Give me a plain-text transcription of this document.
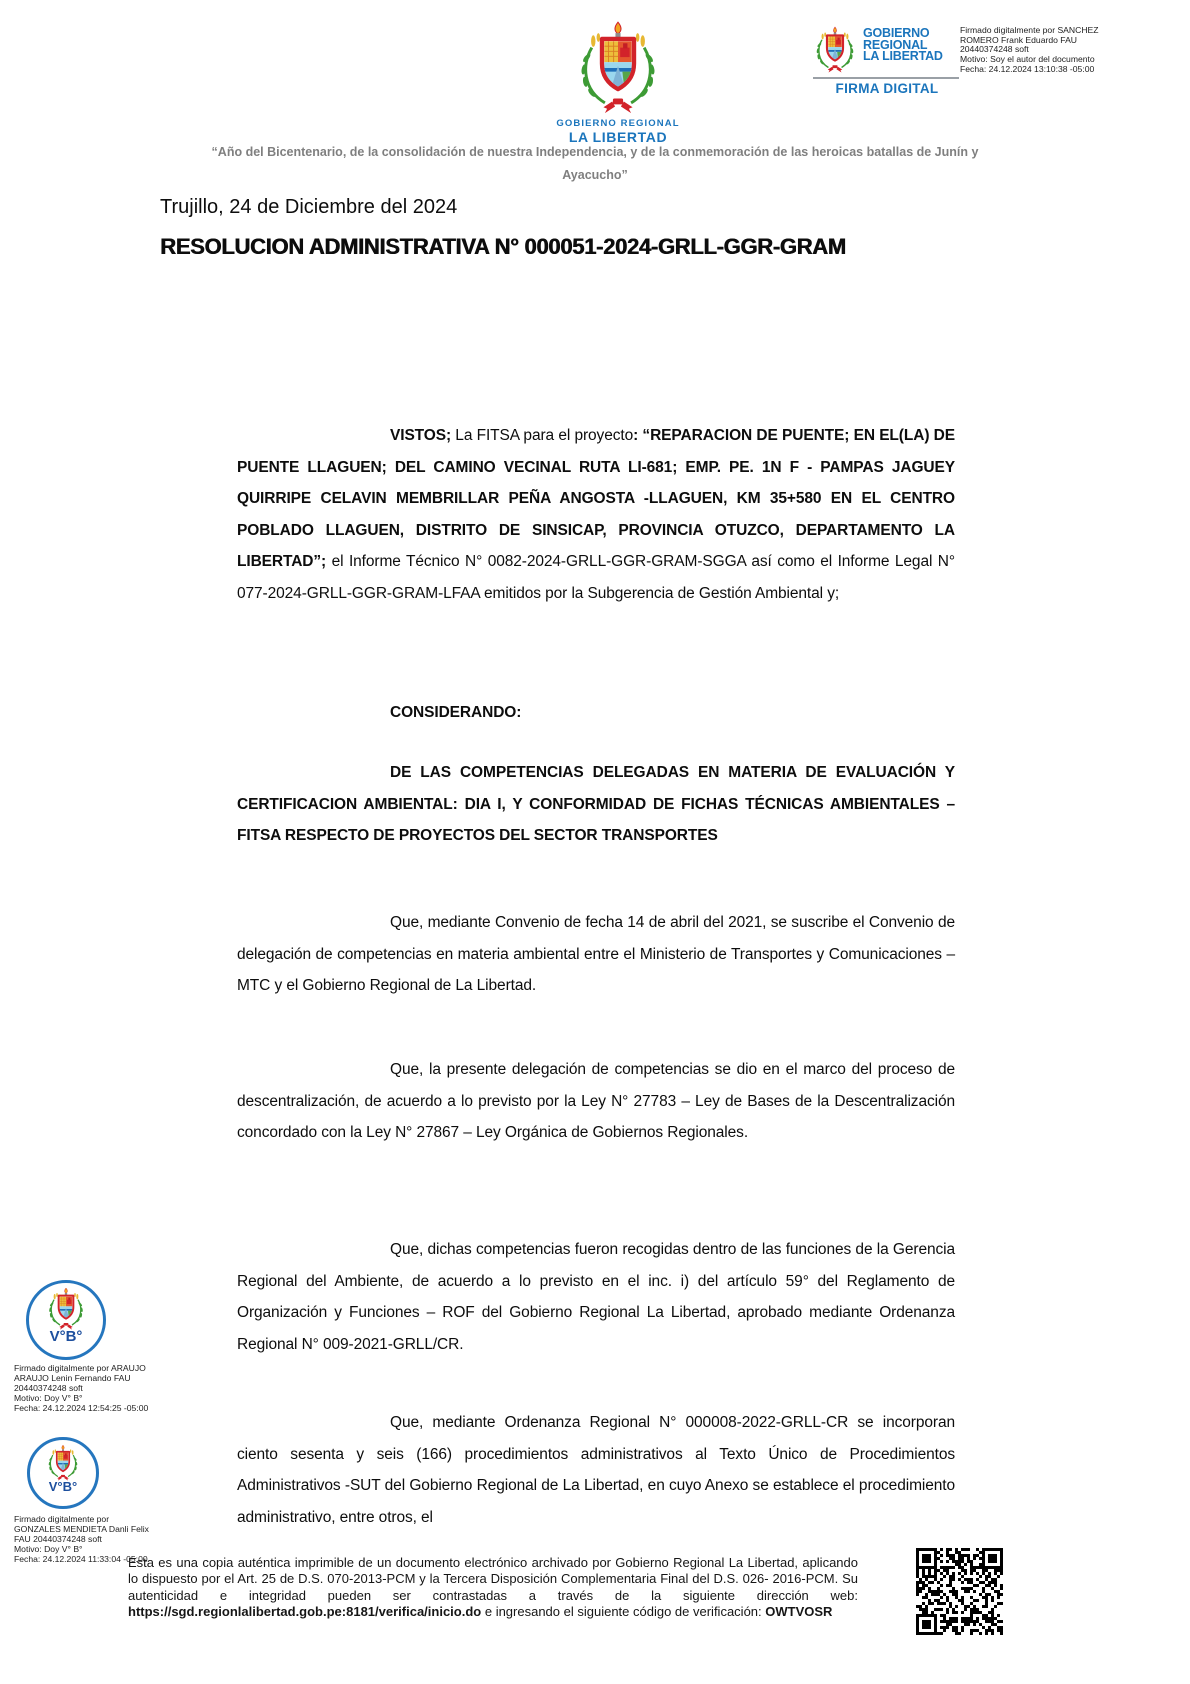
GOBIERNO REGIONAL
LA LIBERTAD
GOBIERNO
REGIONAL
LA LIBERTAD
FIRMA DIGITAL
Firmado digitalmente por SANCHEZ
ROMERO Frank Eduardo FAU
20440374248 soft
Motivo: Soy el autor del documento
Fecha: 24.12.2024 13:10:38 -05:00
“Año del Bicentenario, de la consolidación de nuestra Independencia, y de la conmemoración de las heroicas batallas de Junín y
Ayacucho”
Trujillo, 24 de Diciembre del 2024
RESOLUCION ADMINISTRATIVA N° 000051-2024-GRLL-GGR-GRAM
VISTOS; La FITSA para el proyecto: “REPARACION DE PUENTE; EN EL(LA) DE PUENTE LLAGUEN; DEL CAMINO VECINAL RUTA LI-681; EMP. PE. 1N F - PAMPAS JAGUEY QUIRRIPE CELAVIN MEMBRILLAR PEÑA ANGOSTA -LLAGUEN, KM 35+580 EN EL CENTRO POBLADO LLAGUEN, DISTRITO DE SINSICAP, PROVINCIA OTUZCO, DEPARTAMENTO LA LIBERTAD”; el Informe Técnico N° 0082-2024-GRLL-GGR-GRAM-SGGA así como el Informe Legal N° 077-2024-GRLL-GGR-GRAM-LFAA emitidos por la Subgerencia de Gestión Ambiental y;
CONSIDERANDO:
DE LAS COMPETENCIAS DELEGADAS EN MATERIA DE EVALUACIÓN Y CERTIFICACION AMBIENTAL: DIA I, Y CONFORMIDAD DE FICHAS TÉCNICAS AMBIENTALES – FITSA RESPECTO DE PROYECTOS DEL SECTOR TRANSPORTES
Que, mediante Convenio de fecha 14 de abril del 2021, se suscribe el Convenio de delegación de competencias en materia ambiental entre el Ministerio de Transportes y Comunicaciones – MTC y el Gobierno Regional de La Libertad.
Que, la presente delegación de competencias se dio en el marco del proceso de descentralización, de acuerdo a lo previsto por la Ley N° 27783 – Ley de Bases de la Descentralización concordado con la Ley N° 27867 – Ley Orgánica de Gobiernos Regionales.
Que, dichas competencias fueron recogidas dentro de las funciones de la Gerencia Regional del Ambiente, de acuerdo a lo previsto en el inc. i) del artículo 59° del Reglamento de Organización y Funciones – ROF del Gobierno Regional La Libertad, aprobado mediante Ordenanza Regional N° 009-2021-GRLL/CR.
Que, mediante Ordenanza Regional N° 000008-2022-GRLL-CR se incorporan ciento sesenta y seis (166) procedimientos administrativos al Texto Único de Procedimientos Administrativos -SUT del Gobierno Regional de La Libertad, en cuyo Anexo se establece el procedimiento administrativo, entre otros, el
V°B°
Firmado digitalmente por ARAUJO
ARAUJO Lenin Fernando FAU
20440374248 soft
Motivo: Doy V° B°
Fecha: 24.12.2024 12:54:25 -05:00
V°B°
Firmado digitalmente por
GONZALES MENDIETA Danli Felix
FAU 20440374248 soft
Motivo: Doy V° B°
Fecha: 24.12.2024 11:33:04 -05:00
Esta es una copia auténtica imprimible de un documento electrónico archivado por Gobierno Regional La Libertad, aplicando lo dispuesto por el Art. 25 de D.S. 070-2013-PCM y la Tercera Disposición Complementaria Final del D.S. 026- 2016-PCM. Su autenticidad e integridad pueden ser contrastadas a través de la siguiente dirección web: https://sgd.regionlalibertad.gob.pe:8181/verifica/inicio.do e ingresando el siguiente código de verificación: OWTVOSR
